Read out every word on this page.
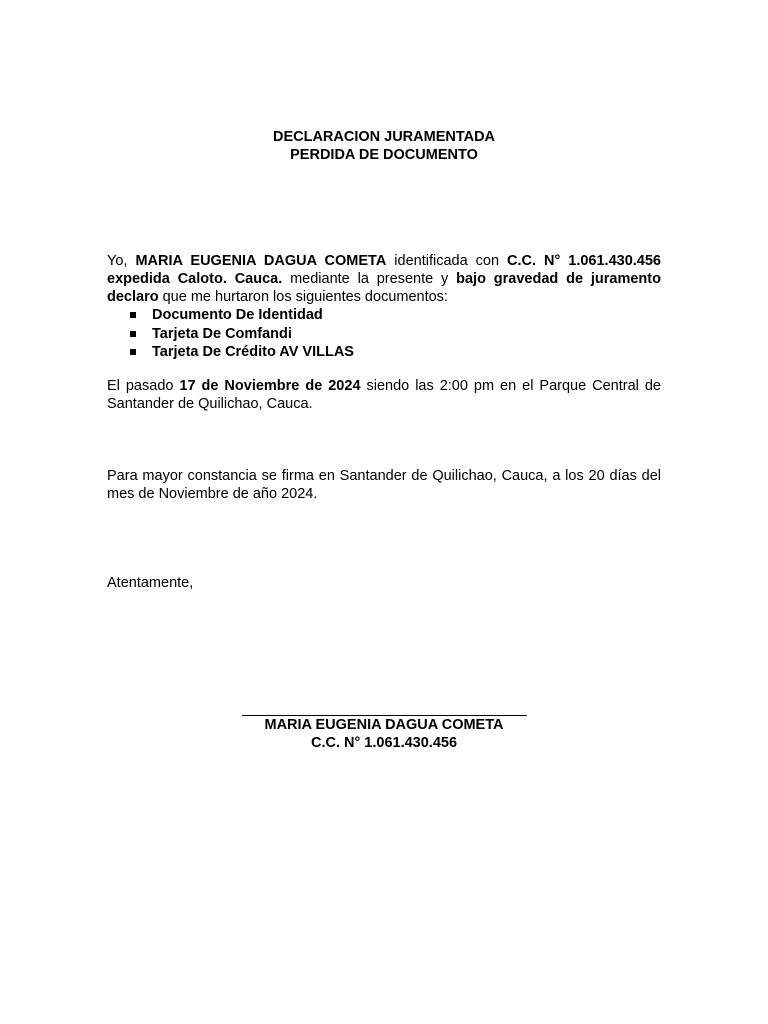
DECLARACION JURAMENTADA
PERDIDA DE DOCUMENTO
Yo, MARIA EUGENIA DAGUA COMETA identificada con C.C. N° 1.061.430.456 expedida Caloto. Cauca. mediante la presente y bajo gravedad de juramento declaro que me hurtaron los siguientes documentos:
Documento De Identidad
Tarjeta De Comfandi
Tarjeta De Crédito AV VILLAS
El pasado 17 de Noviembre de 2024 siendo las 2:00 pm en el Parque Central de Santander de Quilichao, Cauca.
Para mayor constancia se firma en Santander de Quilichao, Cauca, a los 20 días del mes de Noviembre de año 2024.
Atentamente,
MARIA EUGENIA DAGUA COMETA
C.C. N° 1.061.430.456
